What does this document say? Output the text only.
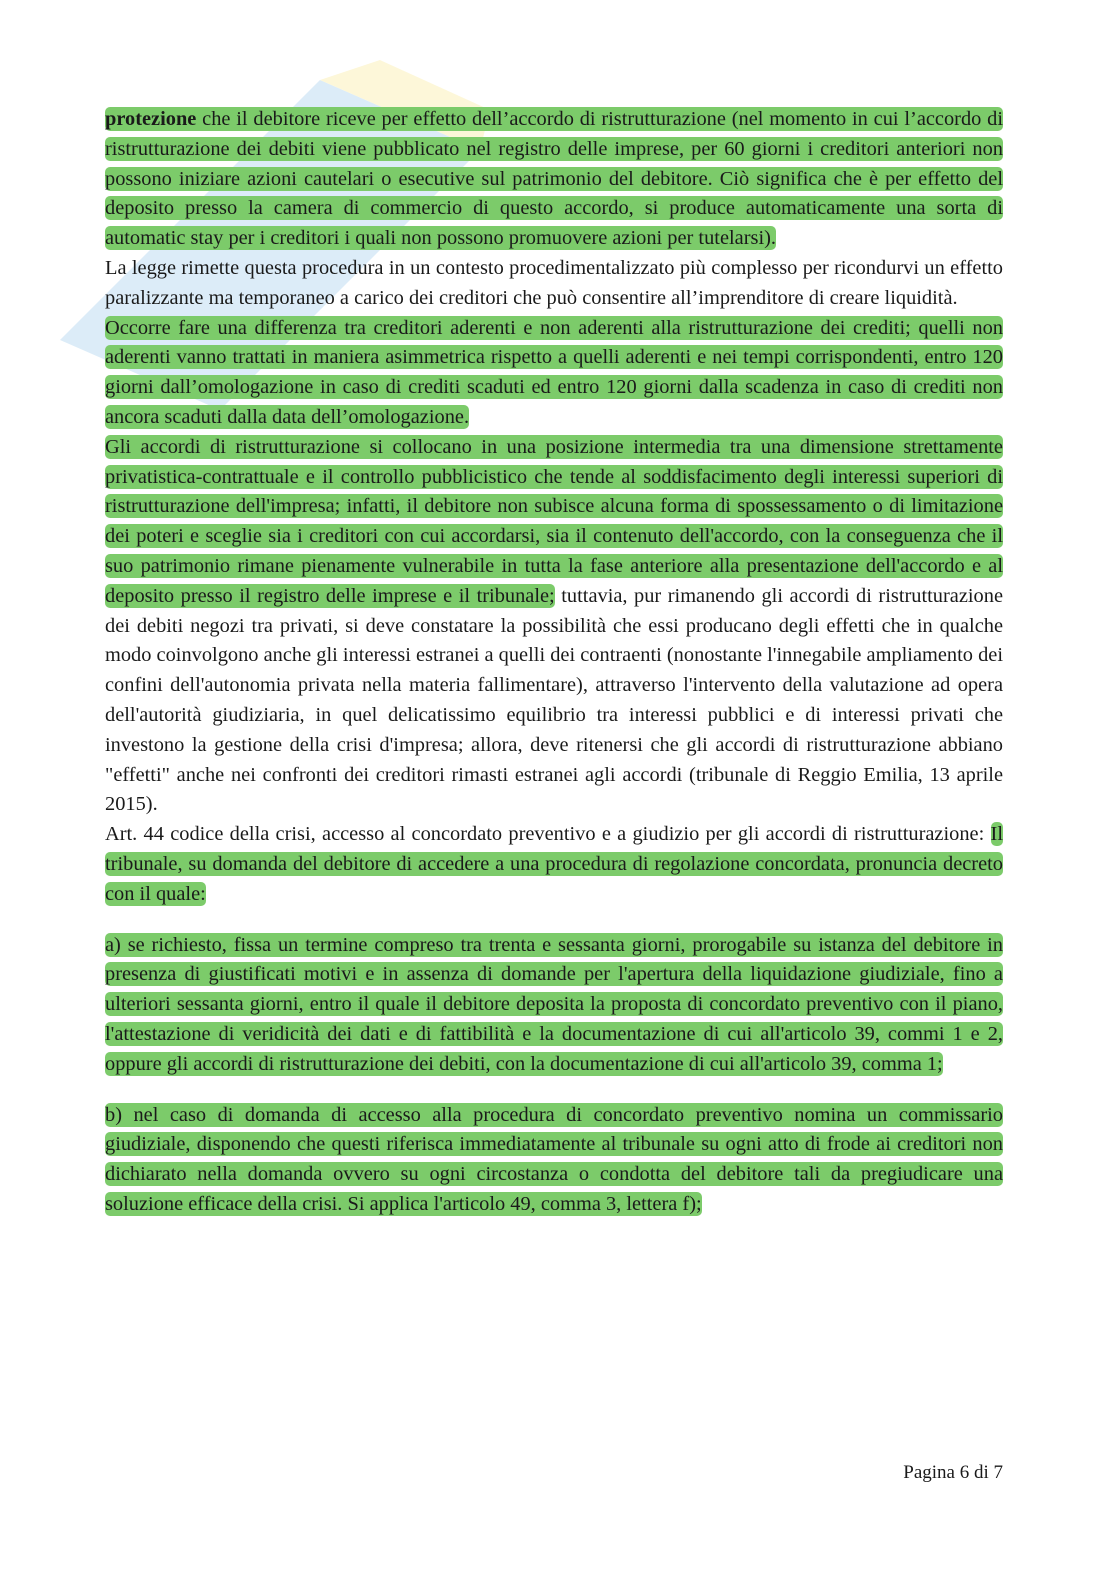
protezione che il debitore riceve per effetto dell’accordo di ristrutturazione (nel momento in cui l’accordo di ristrutturazione dei debiti viene pubblicato nel registro delle imprese, per 60 giorni i creditori anteriori non possono iniziare azioni cautelari o esecutive sul patrimonio del debitore. Ciò significa che è per effetto del deposito presso la camera di commercio di questo accordo, si produce automaticamente una sorta di automatic stay per i creditori i quali non possono promuovere azioni per tutelarsi).

La legge rimette questa procedura in un contesto procedimentalizzato più complesso per ricondurvi un effetto paralizzante ma temporaneo a carico dei creditori che può consentire all’imprenditore di creare liquidità.

Occorre fare una differenza tra creditori aderenti e non aderenti alla ristrutturazione dei crediti; quelli non aderenti vanno trattati in maniera asimmetrica rispetto a quelli aderenti e nei tempi corrispondenti, entro 120 giorni dall’omologazione in caso di crediti scaduti ed entro 120 giorni dalla scadenza in caso di crediti non ancora scaduti dalla data dell’omologazione.

Gli accordi di ristrutturazione si collocano in una posizione intermedia tra una dimensione strettamente privatistica-contrattuale e il controllo pubblicistico che tende al soddisfacimento degli interessi superiori di ristrutturazione dell'impresa; infatti, il debitore non subisce alcuna forma di spossessamento o di limitazione dei poteri e sceglie sia i creditori con cui accordarsi, sia il contenuto dell'accordo, con la conseguenza che il suo patrimonio rimane pienamente vulnerabile in tutta la fase anteriore alla presentazione dell'accordo e al deposito presso il registro delle imprese e il tribunale; tuttavia, pur rimanendo gli accordi di ristrutturazione dei debiti negozi tra privati, si deve constatare la possibilità che essi producano degli effetti che in qualche modo coinvolgono anche gli interessi estranei a quelli dei contraenti (nonostante l'innegabile ampliamento dei confini dell'autonomia privata nella materia fallimentare), attraverso l'intervento della valutazione ad opera dell'autorità giudiziaria, in quel delicatissimo equilibrio tra interessi pubblici e di interessi privati che investono la gestione della crisi d'impresa; allora, deve ritenersi che gli accordi di ristrutturazione abbiano "effetti" anche nei confronti dei creditori rimasti estranei agli accordi (tribunale di Reggio Emilia, 13 aprile 2015).

Art. 44 codice della crisi, accesso al concordato preventivo e a giudizio per gli accordi di ristrutturazione: Il tribunale, su domanda del debitore di accedere a una procedura di regolazione concordata, pronuncia decreto con il quale:

a) se richiesto, fissa un termine compreso tra trenta e sessanta giorni, prorogabile su istanza del debitore in presenza di giustificati motivi e in assenza di domande per l'apertura della liquidazione giudiziale, fino a ulteriori sessanta giorni, entro il quale il debitore deposita la proposta di concordato preventivo con il piano, l'attestazione di veridicità dei dati e di fattibilità e la documentazione di cui all'articolo 39, commi 1 e 2, oppure gli accordi di ristrutturazione dei debiti, con la documentazione di cui all'articolo 39, comma 1;

b) nel caso di domanda di accesso alla procedura di concordato preventivo nomina un commissario giudiziale, disponendo che questi riferisca immediatamente al tribunale su ogni atto di frode ai creditori non dichiarato nella domanda ovvero su ogni circostanza o condotta del debitore tali da pregiudicare una soluzione efficace della crisi. Si applica l'articolo 49, comma 3, lettera f);

Pagina 6 di 7
